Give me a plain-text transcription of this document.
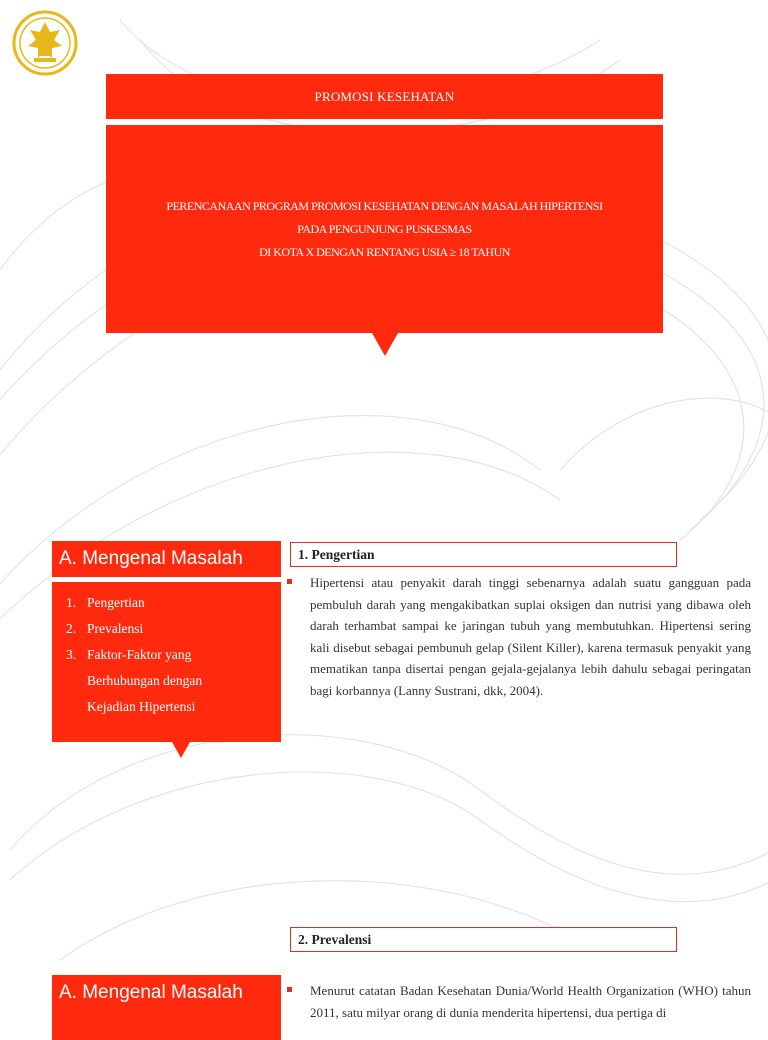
PROMOSI KESEHATAN
PERENCANAAN PROGRAM PROMOSI KESEHATAN DENGAN MASALAH HIPERTENSI
PADA PENGUNJUNG PUSKESMAS
DI KOTA X DENGAN RENTANG USIA ≥ 18 TAHUN
A. Mengenal Masalah
1. Pengertian
2. Prevalensi
3. Faktor-Faktor yang
Berhubungan dengan
Kejadian Hipertensi
1. Pengertian

Hipertensi atau penyakit darah tinggi sebenarnya adalah suatu gangguan pada pembuluh darah yang mengakibatkan suplai oksigen dan nutrisi yang dibawa oleh darah terhambat sampai ke jaringan tubuh yang membutuhkan. Hipertensi sering kali disebut sebagai pembunuh gelap (Silent Killer), karena termasuk penyakit yang mematikan tanpa disertai pengan gejala-gejalanya lebih dahulu sebagai peringatan bagi korbannya (Lanny Sustrani, dkk, 2004).

2. Prevalensi
A. Mengenal Masalah	Menurut catatan Badan Kesehatan Dunia/World Health Organization (WHO) tahun 2011, satu milyar orang di dunia menderita hipertensi, dua pertiga di
